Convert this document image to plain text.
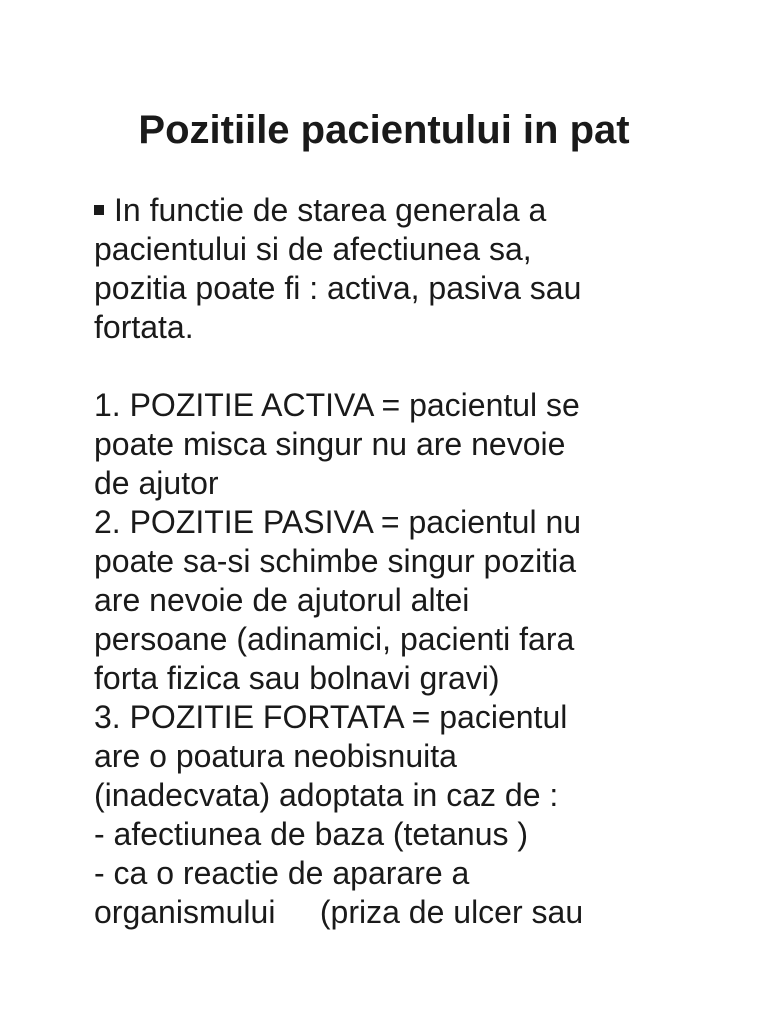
Pozitiile pacientului in pat
In functie de starea generala a
pacientului si de afectiunea sa,
pozitia poate fi : activa, pasiva sau
fortata.
1. POZITIE ACTIVA = pacientul se
poate misca singur nu are nevoie
de ajutor
2. POZITIE PASIVA = pacientul nu
poate sa-si schimbe singur pozitia
are nevoie de ajutorul altei
persoane (adinamici, pacienti fara
forta fizica sau bolnavi gravi)
3. POZITIE FORTATA = pacientul
are o poatura neobisnuita
(inadecvata) adoptata in caz de :
- afectiunea de baza (tetanus )
- ca o reactie de aparare a
organismului     (priza de ulcer sau
